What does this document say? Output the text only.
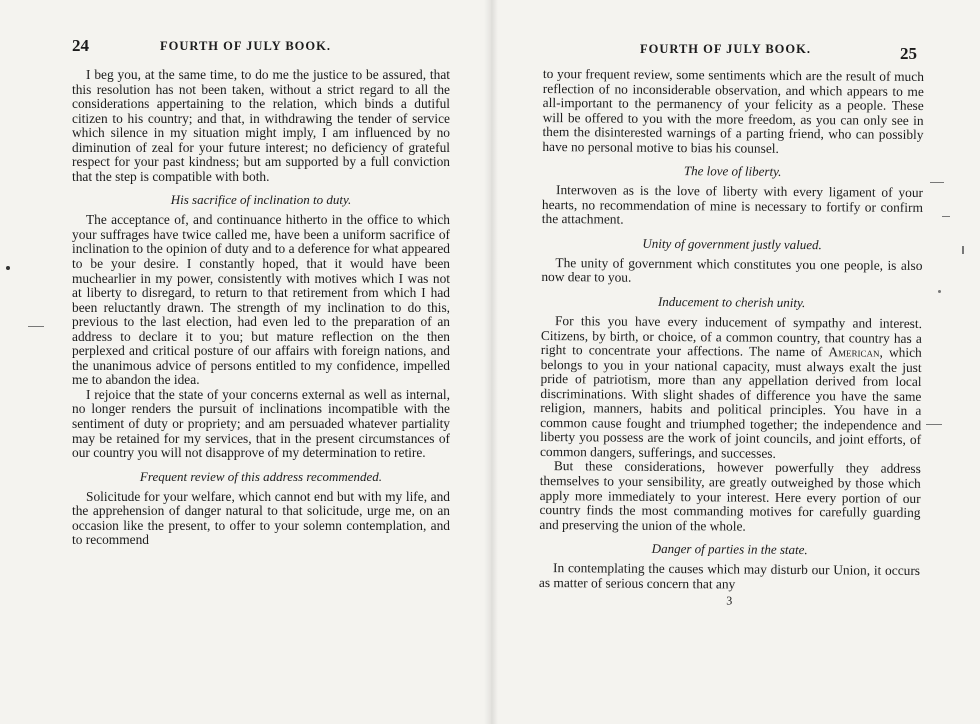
24	FOURTH OF JULY BOOK.

I beg you, at the same time, to do me the justice to be assured, that this resolution has not been taken, without a strict regard to all the considerations appertaining to the relation, which binds a dutiful citizen to his country; and that, in withdrawing the tender of service which silence in my situation might imply, I am influenced by no diminution of zeal for your future interest; no deficiency of grateful respect for your past kindness; but am supported by a full conviction that the step is compatible with both.

His sacrifice of inclination to duty.

The acceptance of, and continuance hitherto in the office to which your suffrages have twice called me, have been a uniform sacrifice of inclination to the opinion of duty and to a deference for what appeared to be your desire. I constantly hoped, that it would have been muchearlier in my power, consistently with motives which I was not at liberty to disregard, to return to that retirement from which I had been reluctantly drawn. The strength of my inclination to do this, previous to the last election, had even led to the preparation of an address to declare it to you; but mature reflection on the then perplexed and critical posture of our affairs with foreign nations, and the unanimous advice of persons entitled to my confidence, impelled me to abandon the idea.

I rejoice that the state of your concerns external as well as internal, no longer renders the pursuit of inclinations incompatible with the sentiment of duty or propriety; and am persuaded whatever partiality may be retained for my services, that in the present circumstances of our country you will not disapprove of my determination to retire.

Frequent review of this address recommended.

Solicitude for your welfare, which cannot end but with my life, and the apprehension of danger natural to that solicitude, urge me, on an occasion like the present, to offer to your solemn contemplation, and to recommend

FOURTH OF JULY BOOK.	25

to your frequent review, some sentiments which are the result of much reflection of no inconsiderable observation, and which appears to me all-important to the permanency of your felicity as a people. These will be offered to you with the more freedom, as you can only see in them the disinterested warnings of a parting friend, who can possibly have no personal motive to bias his counsel.

The love of liberty.

Interwoven as is the love of liberty with every ligament of your hearts, no recommendation of mine is necessary to fortify or confirm the attachment.

Unity of government justly valued.

The unity of government which constitutes you one people, is also now dear to you.

Inducement to cherish unity.

For this you have every inducement of sympathy and interest. Citizens, by birth, or choice, of a common country, that country has a right to concentrate your affections. The name of American, which belongs to you in your national capacity, must always exalt the just pride of patriotism, more than any appellation derived from local discriminations. With slight shades of difference you have the same religion, manners, habits and political principles. You have in a common cause fought and triumphed together; the independence and liberty you possess are the work of joint councils, and joint efforts, of common dangers, sufferings, and successes.

But these considerations, however powerfully they address themselves to your sensibility, are greatly outweighed by those which apply more immediately to your interest. Here every portion of our country finds the most commanding motives for carefully guarding and preserving the union of the whole.

Danger of parties in the state.

In contemplating the causes which may disturb our Union, it occurs as matter of serious concern that any

3
